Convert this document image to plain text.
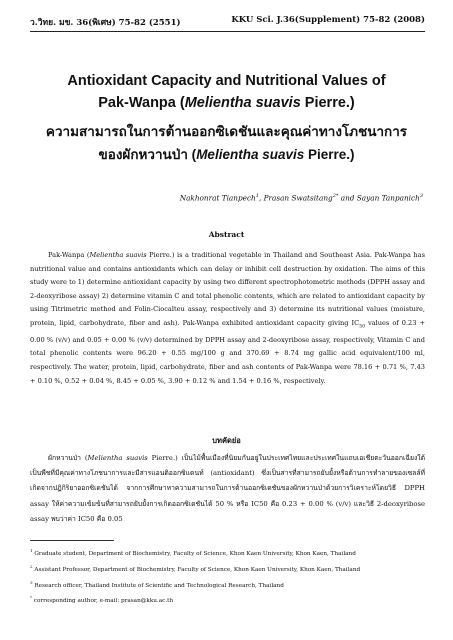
ว.วิทย. มข. 36(พิเศษ) 75-82 (2551)	KKU Sci. J.36(Supplement) 75-82 (2008)
Antioxidant Capacity and Nutritional Values of
Pak-Wanpa (Melientha suavis Pierre.)
ความสามารถในการต้านออกซิเดชันและคุณค่าทางโภชนาการ
ของผักหวานป่า (Melientha suavis Pierre.)
Nakhonrat Tianpech$^1$, Prasan Swatsitang$^{2*}$ and Sayan Tanpanich$^3$
Abstract

Pak-Wanpa (Melientha suavis Pierre.) is a traditional vegetable in Thailand and Southeast Asia. Pak-Wanpa has nutritional value and contains antioxidants which can delay or inhibit cell destruction by oxidation. The aims of this study were to 1) determine antioxidant capacity by using two different spectrophotometric methods (DPPH assay and 2-deoxyribose assay) 2) determine vitamin C and total phenolic contents, which are related to antioxidant capacity by using Titrimetric method and Folin-Ciocalteu assay, respectively and 3) determine its nutritional values (moisture, protein, lipid, carbohydrate, fiber and ash). Pak-Wanpa exhibited antioxidant capacity giving $IC_{50}$ values of 0.23 + 0.00 % (v/v) and 0.05 + 0.00 % (v/v) determined by DPPH assay and 2-deoxyribose assay, respectively, Vitamin C and total phenolic contents were 96.20 + 0.55 mg/100 g and 370.69 + 8.74 mg gallic acid equivalent/100 ml, respectively. The water, protein, lipid, carbohydrate, fiber and ash contents of Pak-Wanpa were 78.16 + 0.71 %, 7.43 + 0.10 %, 0.52 + 0.04 %, 8.45 + 0.05 %, 3.90 + 0.12 % and 1.54 + 0.16 %, respectively.

บทคัดย่อ

ผักหวานป่า (Melientha suavis Pierre.) เป็นไม้พื้นเมืองที่นิยมกันอยู่ในประเทศไทยและประเทศในแถบเอเชียตะวันออกเฉียงใต้ เป็นพืชที่มีคุณค่าทางโภชนาการและมีสารแอนติออกซิแดนท์ (antioxidant) ซึ่งเป็นสารที่สามารถยับยั้งหรือต้านการทำลายของเซลล์ที่เกิดจากปฏิกิริยาออกซิเดชันได้ จากการศึกษาหาความสามารถในการต้านออกซิเดชันของผักหวานป่าด้วยการวิเคราะห์โดยวิธี DPPH assay ให้ค่าความเข้มข้นที่สามารถยับยั้งการเกิดออกซิเดชันได้ 50 % หรือ IC50 คือ 0.23 + 0.00 % (v/v) และวิธี 2-deoxyribose assay พบว่าค่า IC50 คือ 0.05

$^1$ Graduate student, Department of Biochemistry, Faculty of Science, Khon Kaen University, Khon Kaen, Thailand
$^2$ Assistant Professor, Department of Biochemistry, Faculty of Science, Khon Kaen University, Khon Kaen, Thailand
$^3$ Research officer, Thailand Institute of Scientific and Technological Research, Thailand
* corresponding author, e-mail: prasan@kku.ac.th
